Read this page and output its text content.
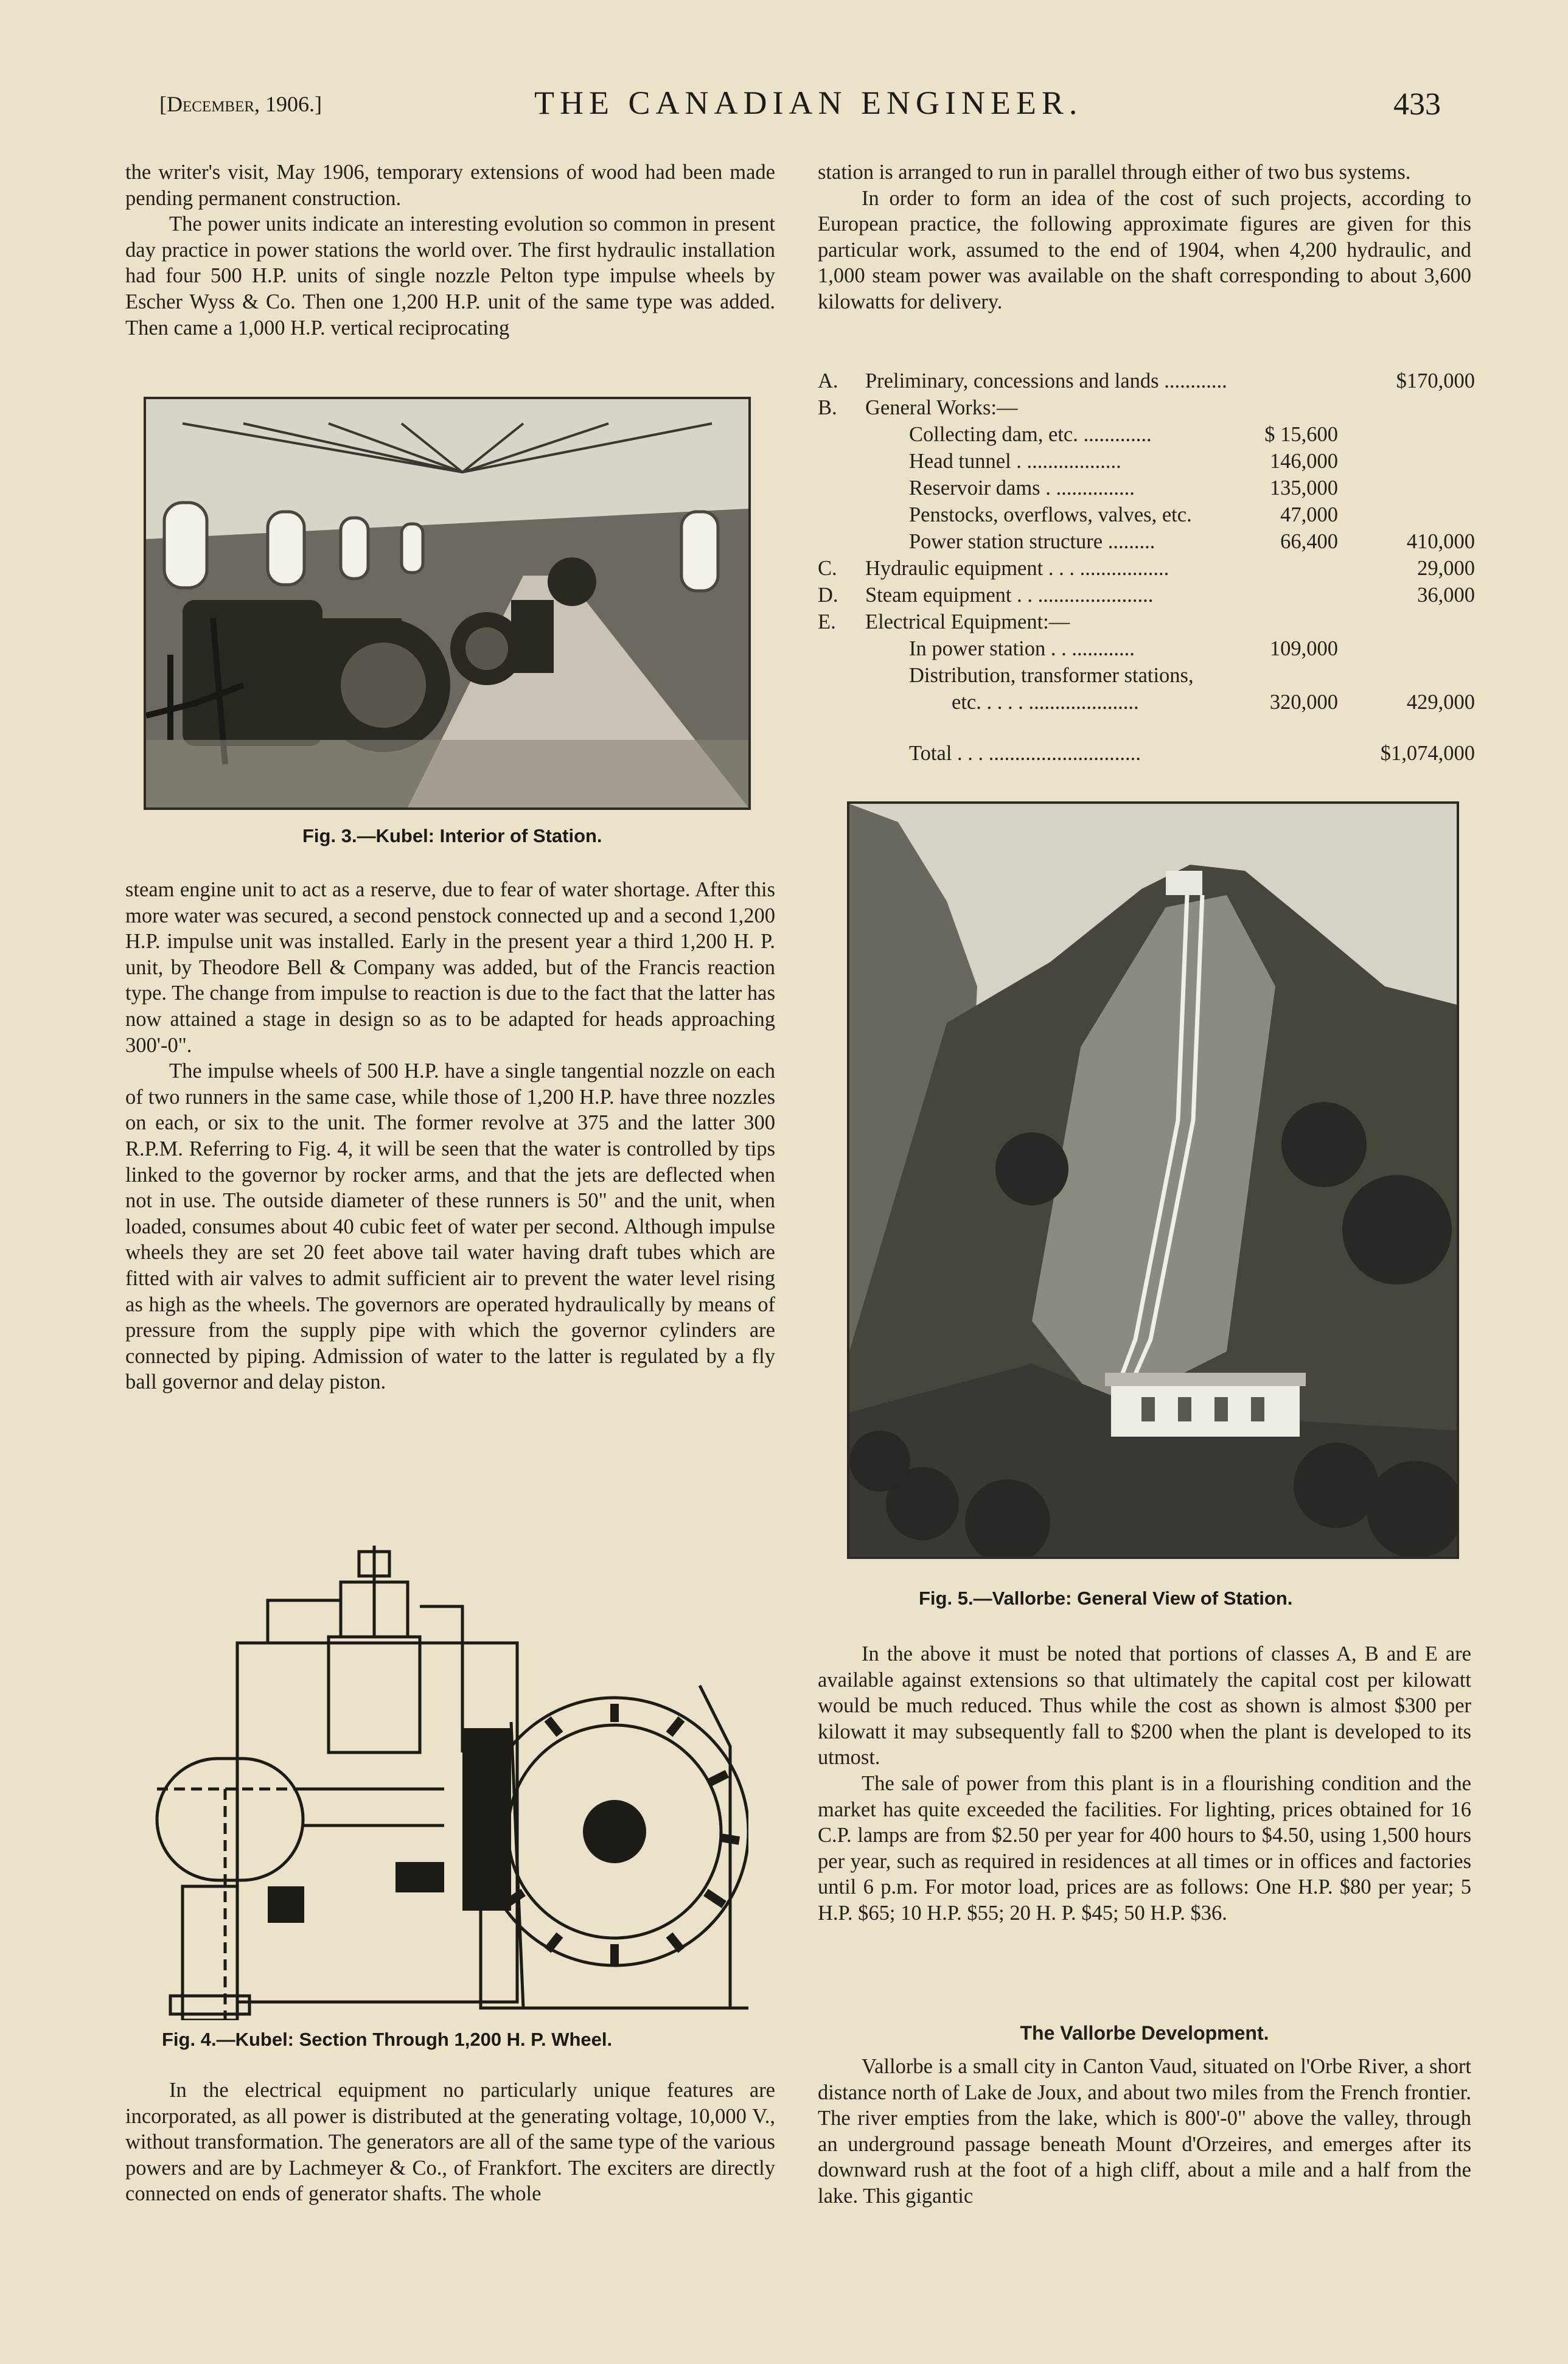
[December, 1906.]	THE CANADIAN ENGINEER.	433

the writer's visit, May 1906, temporary extensions of wood had been made pending permanent construction.

The power units indicate an interesting evolution so common in present day practice in power stations the world over. The first hydraulic installation had four 500 H.P. units of single nozzle Pelton type impulse wheels by Escher Wyss & Co. Then one 1,200 H.P. unit of the same type was added. Then came a 1,000 H.P. vertical reciprocating

Fig. 3.—Kubel: Interior of Station.

steam engine unit to act as a reserve, due to fear of water shortage. After this more water was secured, a second penstock connected up and a second 1,200 H.P. impulse unit was installed. Early in the present year a third 1,200 H. P. unit, by Theodore Bell & Company was added, but of the Francis reaction type. The change from impulse to reaction is due to the fact that the latter has now attained a stage in design so as to be adapted for heads approaching 300'-0".

The impulse wheels of 500 H.P. have a single tangential nozzle on each of two runners in the same case, while those of 1,200 H.P. have three nozzles on each, or six to the unit. The former revolve at 375 and the latter 300 R.P.M. Referring to Fig. 4, it will be seen that the water is controlled by tips linked to the governor by rocker arms, and that the jets are deflected when not in use. The outside diameter of these runners is 50" and the unit, when loaded, consumes about 40 cubic feet of water per second. Although impulse wheels they are set 20 feet above tail water having draft tubes which are fitted with air valves to admit sufficient air to prevent the water level rising as high as the wheels. The governors are operated hydraulically by means of pressure from the supply pipe with which the governor cylinders are connected by piping. Admission of water to the latter is regulated by a fly ball governor and delay piston.

Fig. 4.—Kubel: Section Through 1,200 H. P. Wheel.

In the electrical equipment no particularly unique features are incorporated, as all power is distributed at the generating voltage, 10,000 V., without transformation. The generators are all of the same type of the various powers and are by Lachmeyer & Co., of Frankfort. The exciters are directly connected on ends of generator shafts. The whole

station is arranged to run in parallel through either of two bus systems.

In order to form an idea of the cost of such projects, according to European practice, the following approximate figures are given for this particular work, assumed to the end of 1904, when 4,200 hydraulic, and 1,000 steam power was available on the shaft corresponding to about 3,600 kilowatts for delivery.

A. Preliminary, concessions and lands ............	$170,000
B. General Works:—
Collecting dam, etc. .............	$ 15,600
Head tunnel . ..................	146,000
Reservoir dams . ...............	135,000
Penstocks, overflows, valves, etc.	47,000
Power station structure .........	66,400	410,000
C. Hydraulic equipment . . . .................	29,000
D. Steam equipment . . ......................	36,000
E. Electrical Equipment:—
In power station . . ............	109,000
Distribution, transformer stations,
etc. . . . . .....................	320,000	429,000
Total . . . .............................	$1,074,000
Fig. 5.—Vallorbe: General View of Station.

In the above it must be noted that portions of classes A, B and E are available against extensions so that ultimately the capital cost per kilowatt would be much reduced. Thus while the cost as shown is almost $300 per kilowatt it may subsequently fall to $200 when the plant is developed to its utmost.

The sale of power from this plant is in a flourishing condition and the market has quite exceeded the facilities. For lighting, prices obtained for 16 C.P. lamps are from $2.50 per year for 400 hours to $4.50, using 1,500 hours per year, such as required in residences at all times or in offices and factories until 6 p.m. For motor load, prices are as follows: One H.P. $80 per year; 5 H.P. $65; 10 H.P. $55; 20 H. P. $45; 50 H.P. $36.

The Vallorbe Development.

Vallorbe is a small city in Canton Vaud, situated on l'Orbe River, a short distance north of Lake de Joux, and about two miles from the French frontier. The river empties from the lake, which is 800'-0" above the valley, through an underground passage beneath Mount d'Orzeires, and emerges after its downward rush at the foot of a high cliff, about a mile and a half from the lake. This gigantic
